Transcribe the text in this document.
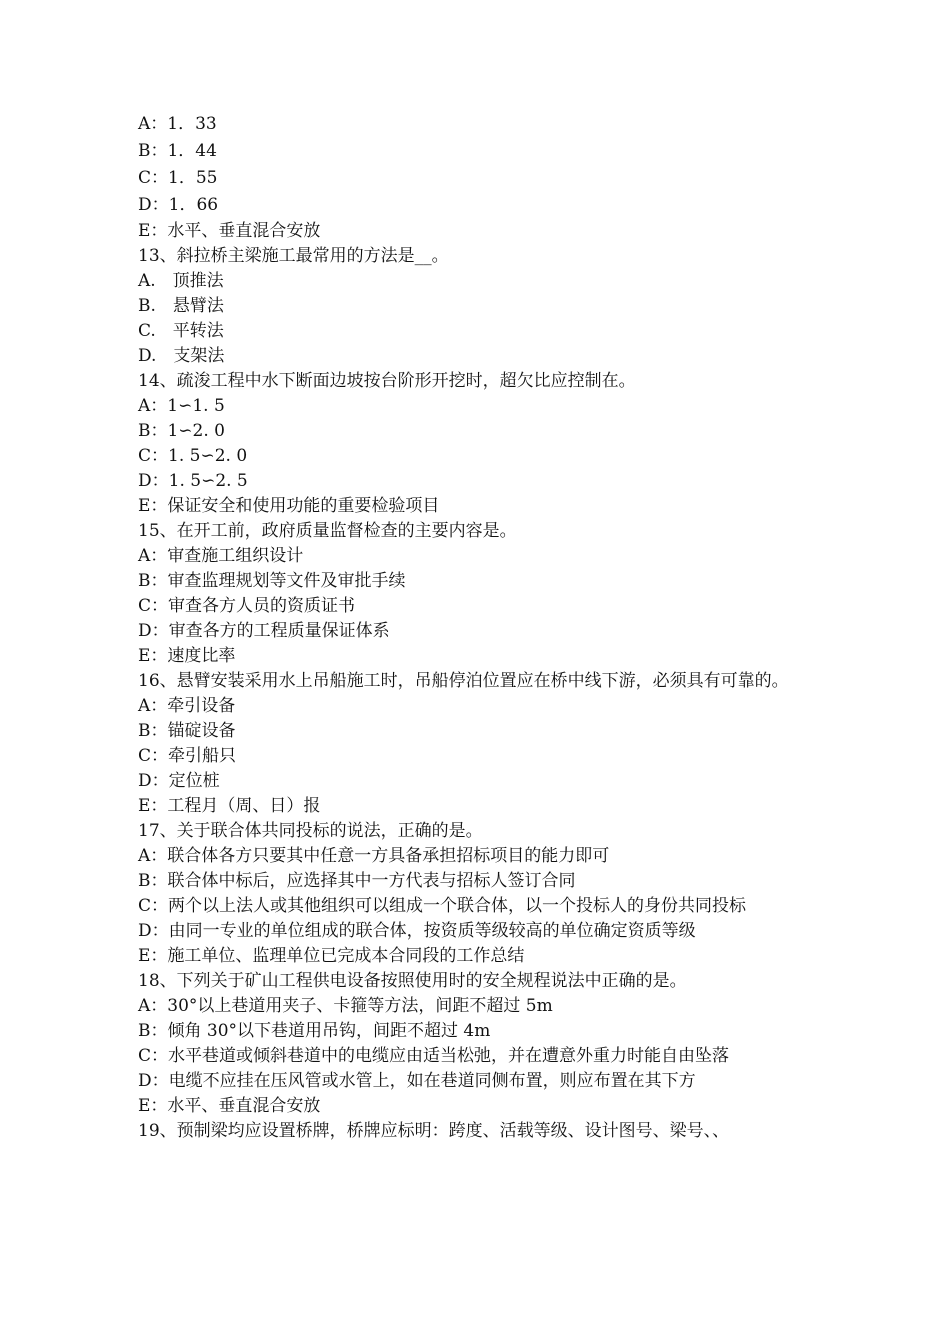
A：1．33
B：1．44
C：1．55
D：1．66
E：水平、垂直混合安放
13、斜拉桥主梁施工最常用的方法是__。
A.　顶推法
B.　悬臂法
C.　平转法
D.　支架法
14、疏浚工程中水下断面边坡按台阶形开挖时，超欠比应控制在。
A：1∽1. 5
B：1∽2. 0
C：1. 5∽2. 0
D：1. 5∽2. 5
E：保证安全和使用功能的重要检验项目
15、在开工前，政府质量监督检查的主要内容是。
A：审查施工组织设计
B：审查监理规划等文件及审批手续
C：审查各方人员的资质证书
D：审查各方的工程质量保证体系
E：速度比率
16、悬臂安装采用水上吊船施工时，吊船停泊位置应在桥中线下游，必须具有可靠的。
A：牵引设备
B：锚碇设备
C：牵引船只
D：定位桩
E：工程月（周、日）报
17、关于联合体共同投标的说法，正确的是。
A：联合体各方只要其中任意一方具备承担招标项目的能力即可
B：联合体中标后，应选择其中一方代表与招标人签订合同
C：两个以上法人或其他组织可以组成一个联合体，以一个投标人的身份共同投标
D：由同一专业的单位组成的联合体，按资质等级较高的单位确定资质等级
E：施工单位、监理单位已完成本合同段的工作总结
18、下列关于矿山工程供电设备按照使用时的安全规程说法中正确的是。
A：30°以上巷道用夹子、卡箍等方法，间距不超过 5m
B：倾角 30°以下巷道用吊钩，间距不超过 4m
C：水平巷道或倾斜巷道中的电缆应由适当松弛，并在遭意外重力时能自由坠落
D：电缆不应挂在压风管或水管上，如在巷道同侧布置，则应布置在其下方
E：水平、垂直混合安放
19、预制梁均应设置桥牌，桥牌应标明：跨度、活载等级、设计图号、梁号、、
